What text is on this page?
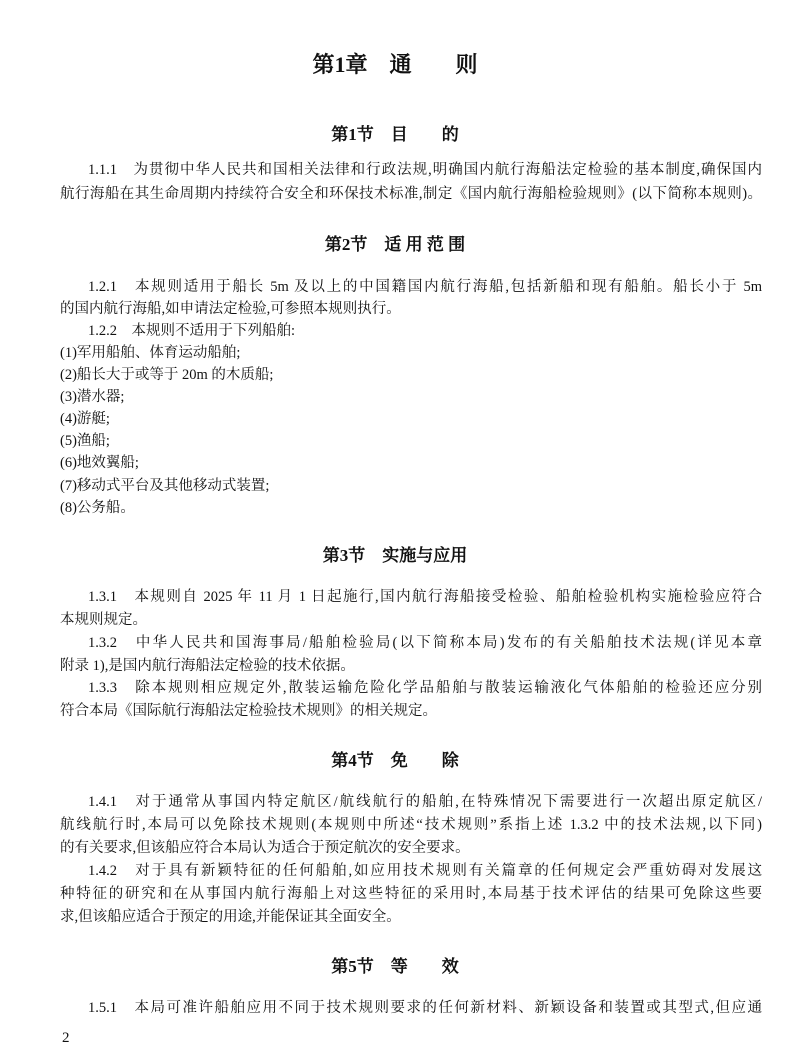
第1章　通　　则
第1节　目　　的
1.1.1　为贯彻中华人民共和国相关法律和行政法规,明确国内航行海船法定检验的基本制度,确保国内
航行海船在其生命周期内持续符合安全和环保技术标准,制定《国内航行海船检验规则》(以下简称本规则)。
第2节　适 用 范 围
1.2.1　本规则适用于船长 5m 及以上的中国籍国内航行海船,包括新船和现有船舶。船长小于 5m
的国内航行海船,如申请法定检验,可参照本规则执行。
1.2.2　本规则不适用于下列船舶:
(1)军用船舶、体育运动船舶;
(2)船长大于或等于 20m 的木质船;
(3)潜水器;
(4)游艇;
(5)渔船;
(6)地效翼船;
(7)移动式平台及其他移动式装置;
(8)公务船。
第3节　实施与应用
1.3.1　本规则自 2025 年 11 月 1 日起施行,国内航行海船接受检验、船舶检验机构实施检验应符合
本规则规定。
1.3.2　中华人民共和国海事局/船舶检验局(以下简称本局)发布的有关船舶技术法规(详见本章
附录 1),是国内航行海船法定检验的技术依据。
1.3.3　除本规则相应规定外,散装运输危险化学品船舶与散装运输液化气体船舶的检验还应分别
符合本局《国际航行海船法定检验技术规则》的相关规定。
第4节　免　　除
1.4.1　对于通常从事国内特定航区/航线航行的船舶,在特殊情况下需要进行一次超出原定航区/
航线航行时,本局可以免除技术规则(本规则中所述“技术规则”系指上述 1.3.2 中的技术法规,以下同)
的有关要求,但该船应符合本局认为适合于预定航次的安全要求。
1.4.2　对于具有新颖特征的任何船舶,如应用技术规则有关篇章的任何规定会严重妨碍对发展这
种特征的研究和在从事国内航行海船上对这些特征的采用时,本局基于技术评估的结果可免除这些要
求,但该船应适合于预定的用途,并能保证其全面安全。
第5节　等　　效
1.5.1　本局可准许船舶应用不同于技术规则要求的任何新材料、新颖设备和装置或其型式,但应通
2
